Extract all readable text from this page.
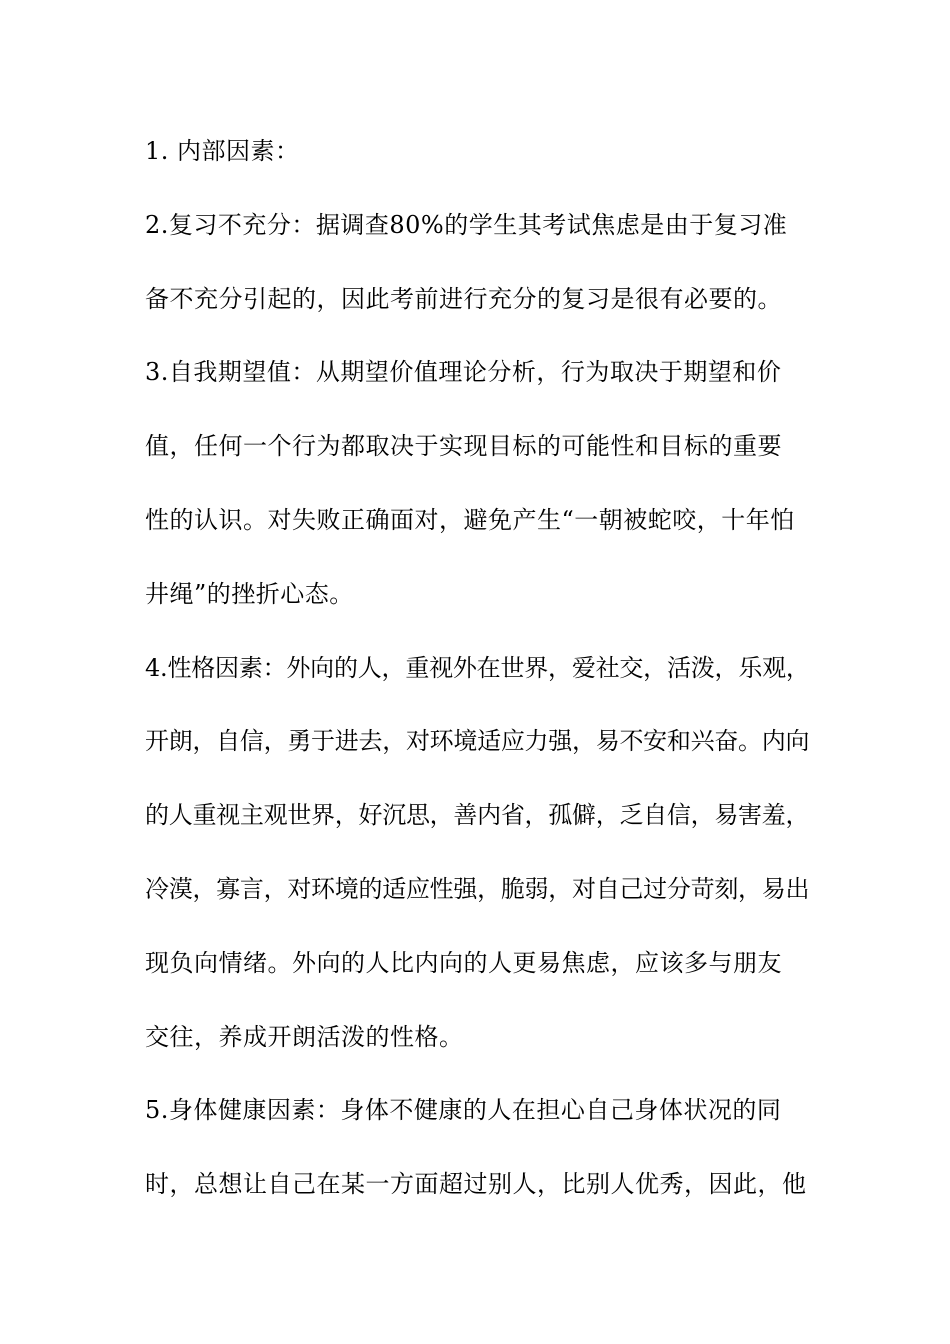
1. 内部因素：
2.复习不充分：据调查80%的学生其考试焦虑是由于复习准
备不充分引起的，因此考前进行充分的复习是很有必要的。
3.自我期望值：从期望价值理论分析，行为取决于期望和价
值，任何一个行为都取决于实现目标的可能性和目标的重要
性的认识。对失败正确面对，避免产生“一朝被蛇咬，十年怕
井绳”的挫折心态。
4.性格因素：外向的人，重视外在世界，爱社交，活泼，乐观，
开朗，自信，勇于进去，对环境适应力强，易不安和兴奋。内向
的人重视主观世界，好沉思，善内省，孤僻，乏自信，易害羞，
冷漠，寡言，对环境的适应性强，脆弱，对自己过分苛刻，易出
现负向情绪。外向的人比内向的人更易焦虑，应该多与朋友
交往，养成开朗活泼的性格。
5.身体健康因素：身体不健康的人在担心自己身体状况的同
时，总想让自己在某一方面超过别人，比别人优秀，因此，他
